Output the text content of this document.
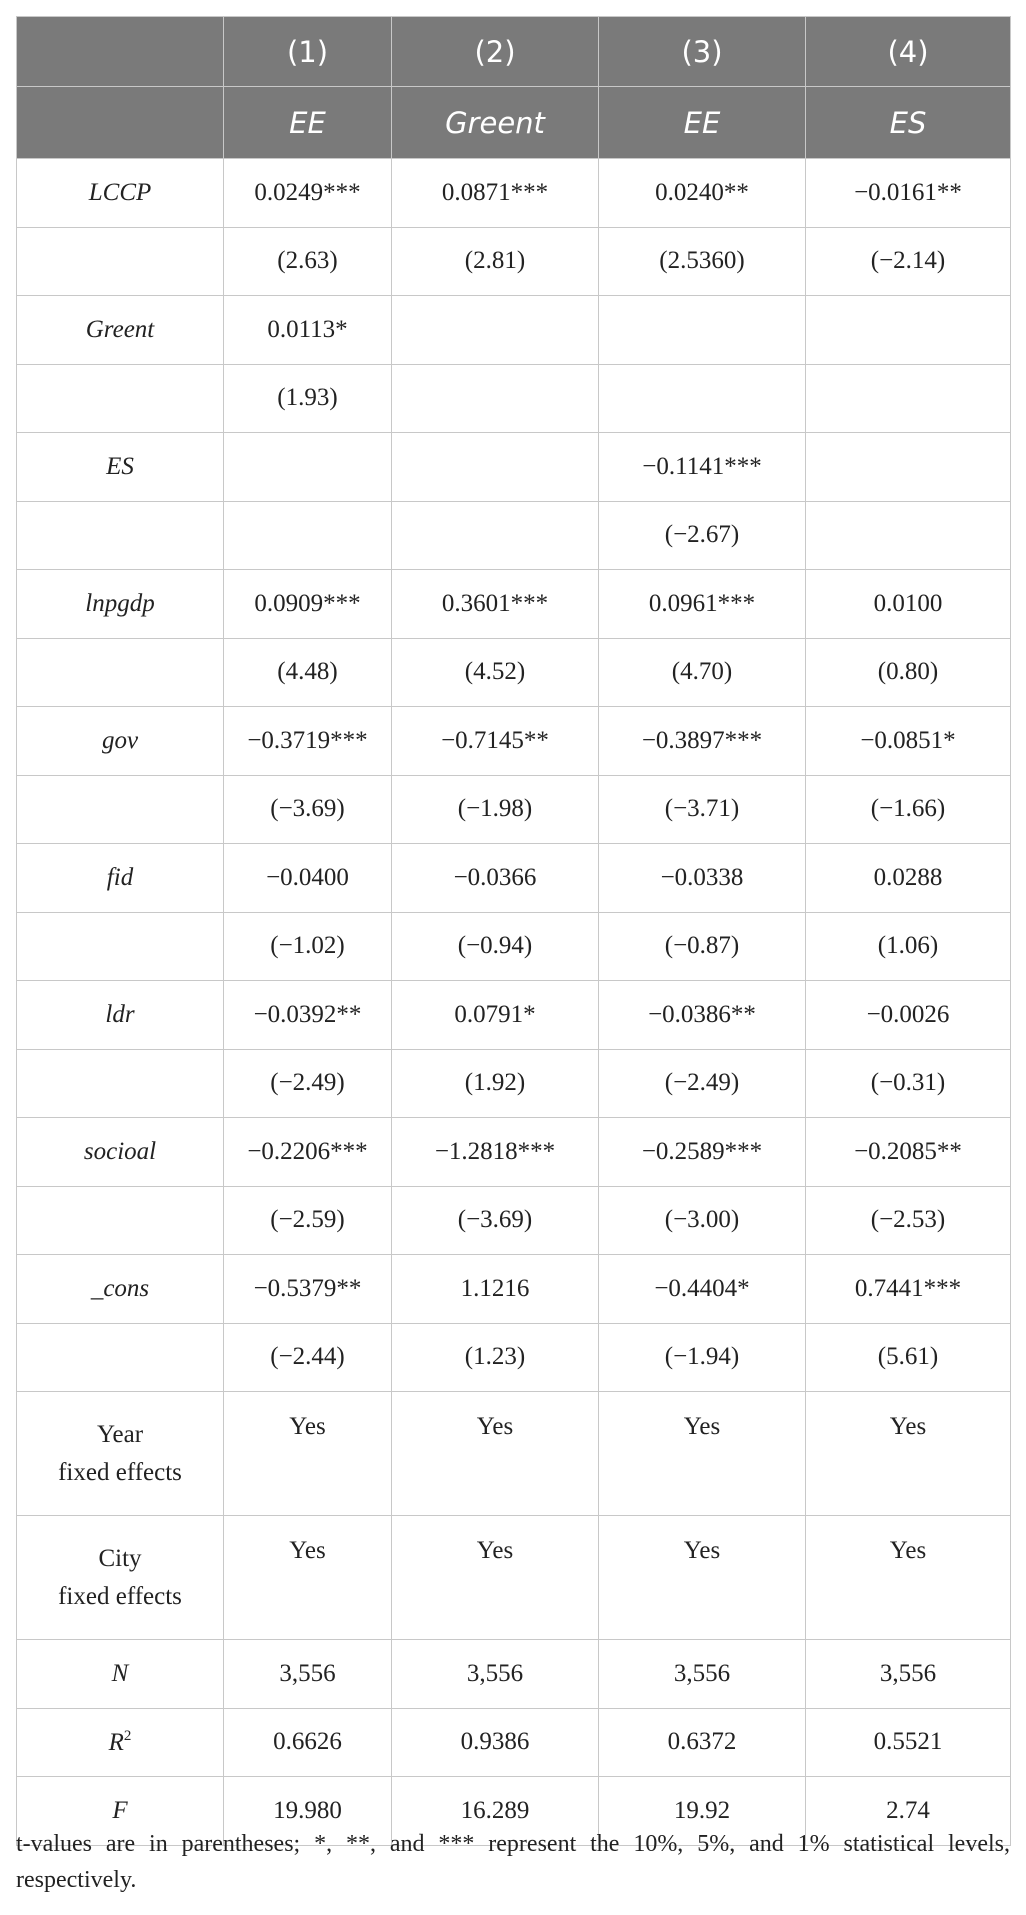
	(1)	(2)	(3)	(4)
	EE	Greent	EE	ES
LCCP	0.0249***	0.0871***	0.0240**	−0.0161**
	(2.63)	(2.81)	(2.5360)	(−2.14)
Greent	0.0113*			
	(1.93)			
ES			−0.1141***	
			(−2.67)	
lnpgdp	0.0909***	0.3601***	0.0961***	0.0100
	(4.48)	(4.52)	(4.70)	(0.80)
gov	−0.3719***	−0.7145**	−0.3897***	−0.0851*
	(−3.69)	(−1.98)	(−3.71)	(−1.66)
fid	−0.0400	−0.0366	−0.0338	0.0288
	(−1.02)	(−0.94)	(−0.87)	(1.06)
ldr	−0.0392**	0.0791*	−0.0386**	−0.0026
	(−2.49)	(1.92)	(−2.49)	(−0.31)
socioal	−0.2206***	−1.2818***	−0.2589***	−0.2085**
	(−2.59)	(−3.69)	(−3.00)	(−2.53)
_cons	−0.5379**	1.1216	−0.4404*	0.7441***
	(−2.44)	(1.23)	(−1.94)	(5.61)

Year
fixed effects	Yes	Yes	Yes	Yes

City
fixed effects	Yes	Yes	Yes	Yes
N	3,556	3,556	3,556	3,556
$R^2$	0.6626	0.9386	0.6372	0.5521
F	19.980	16.289	19.92	2.74
t-values are in parentheses; *, **, and *** represent the 10%, 5%, and 1% statistical levels, respectively.
